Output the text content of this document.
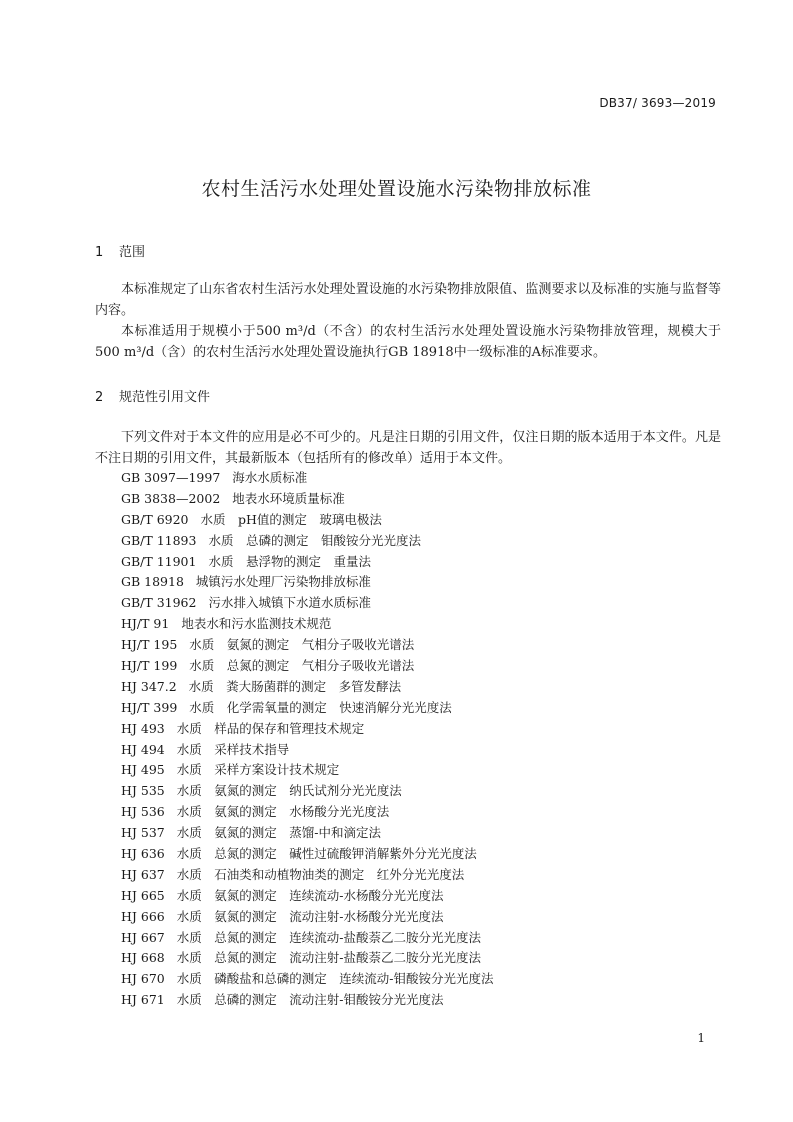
DB37/ 3693—2019
农村生活污水处理处置设施水污染物排放标准
1 范围

本标准规定了山东省农村生活污水处理处置设施的水污染物排放限值、监测要求以及标准的实施与监督等内容。

本标准适用于规模小于500 m³/d（不含）的农村生活污水处理处置设施水污染物排放管理，规模大于500 m³/d（含）的农村生活污水处理处置设施执行GB 18918中一级标准的A标准要求。

2 规范性引用文件

下列文件对于本文件的应用是必不可少的。凡是注日期的引用文件，仅注日期的版本适用于本文件。凡是不注日期的引用文件，其最新版本（包括所有的修改单）适用于本文件。

GB 3097—1997 海水水质标准
GB 3838—2002 地表水环境质量标准
GB/T 6920 水质　pH值的测定　玻璃电极法
GB/T 11893 水质　总磷的测定　钼酸铵分光光度法
GB/T 11901 水质　悬浮物的测定　重量法
GB 18918 城镇污水处理厂污染物排放标准
GB/T 31962 污水排入城镇下水道水质标准
HJ/T 91 地表水和污水监测技术规范
HJ/T 195 水质　氨氮的测定　气相分子吸收光谱法
HJ/T 199 水质　总氮的测定　气相分子吸收光谱法
HJ 347.2 水质　粪大肠菌群的测定　多管发酵法
HJ/T 399 水质　化学需氧量的测定　快速消解分光光度法
HJ 493 水质　样品的保存和管理技术规定
HJ 494 水质　采样技术指导
HJ 495 水质　采样方案设计技术规定
HJ 535 水质　氨氮的测定　纳氏试剂分光光度法
HJ 536 水质　氨氮的测定　水杨酸分光光度法
HJ 537 水质　氨氮的测定　蒸馏-中和滴定法
HJ 636 水质　总氮的测定　碱性过硫酸钾消解紫外分光光度法
HJ 637 水质　石油类和动植物油类的测定　红外分光光度法
HJ 665 水质　氨氮的测定　连续流动-水杨酸分光光度法
HJ 666 水质　氨氮的测定　流动注射-水杨酸分光光度法
HJ 667 水质　总氮的测定　连续流动-盐酸萘乙二胺分光光度法
HJ 668 水质　总氮的测定　流动注射-盐酸萘乙二胺分光光度法
HJ 670 水质　磷酸盐和总磷的测定　连续流动-钼酸铵分光光度法
HJ 671 水质　总磷的测定　流动注射-钼酸铵分光光度法
1
